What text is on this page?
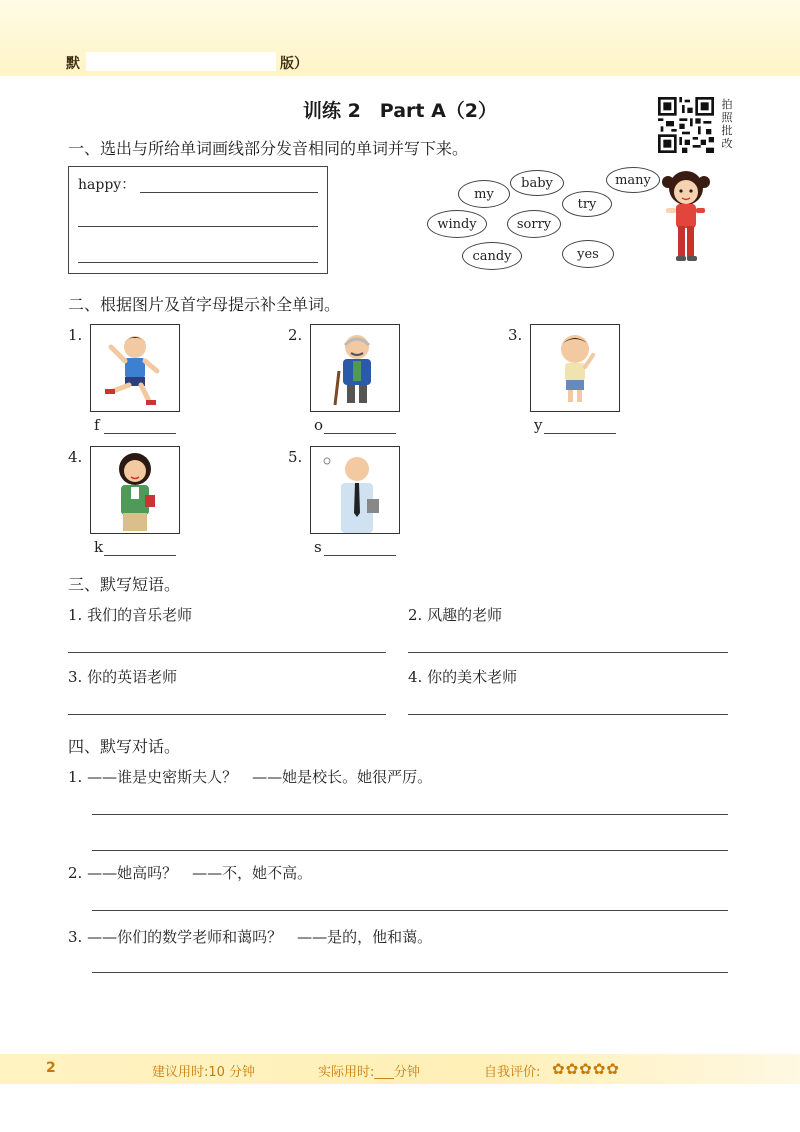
默	版）
训练 2　Part A（2）	拍照批改
一、选出与所给单词画线部分发音相同的单词并写下来。
happy：
my
baby	many
try
windy	sorry
candy	yes
二、根据图片及首字母提示补全单词。
1.
f
2.
o
3.
y
4.
k
5.
s
三、默写短语。
1. 我们的音乐老师	2. 风趣的老师
3. 你的英语老师	4. 你的美术老师
四、默写对话。
1. ——谁是史密斯夫人？　——她是校长。她很严厉。
2. ——她高吗？　——不，她不高。
3. ——你们的数学老师和蔼吗？　——是的，他和蔼。
2	建议用时:10 分钟	实际用时:___分钟	自我评价: ✿✿✿✿✿
